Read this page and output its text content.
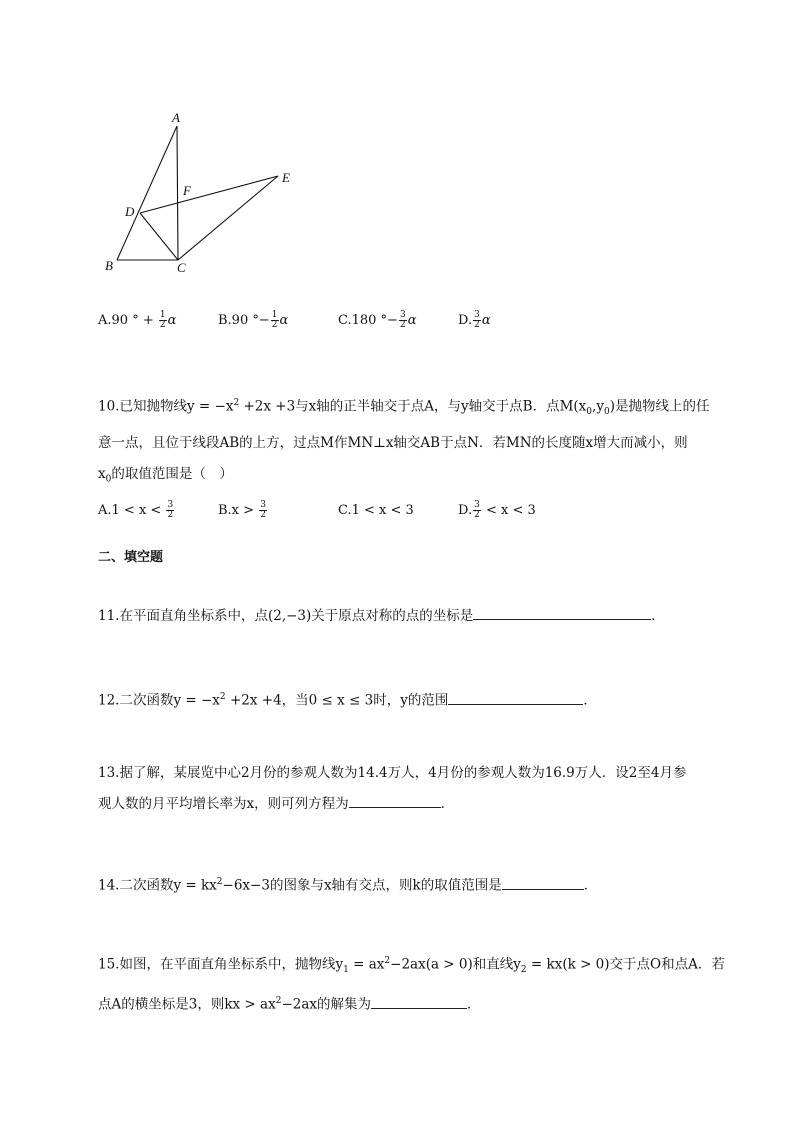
A
B	C
D
E
F
A.90 ° + $\frac{1}{2}$ α	B.90 °− $\frac{1}{2}$ α	C.180 °− $\frac{3}{2}$ α	D. $\frac{3}{2}$ α
10.已知抛物线$y = -x^2 +2x +3$与x轴的正半轴交于点A，与y轴交于点B．点$M(x_0,y_0)$是抛物线上的任
意一点，且位于线段AB的上方，过点M作MN⊥x轴交AB于点N．若MN的长度随x增大而减小，则
$x_0$的取值范围是（　）
$A.1 < x < \frac{3}{2}$	$B.x > \frac{3}{2}$	C.1 < x < 3	D. $\frac{3}{2} < x < 3$
二、填空题
11.在平面直角坐标系中，点(2,−3)关于原点对称的点的坐标是	．
12.二次函数$y = -x^2 +2x +4$，当0 ≤ x ≤ 3时，y的范围	．
13.据了解，某展览中心2月份的参观人数为14.4万人，4月份的参观人数为16.9万人．设2至4月参
观人数的月平均增长率为x，则可列方程为	．
14.二次函数$y = kx^2-6x-3$的图象与x轴有交点，则k的取值范围是	．
15.如图，在平面直角坐标系中，抛物线$y_1 = ax^2-2ax(a > 0)$和直线$y_2 = kx(k > 0)$交于点O和点A．若
点A的横坐标是3，则kx > $ax^2-2ax$的解集为	．
